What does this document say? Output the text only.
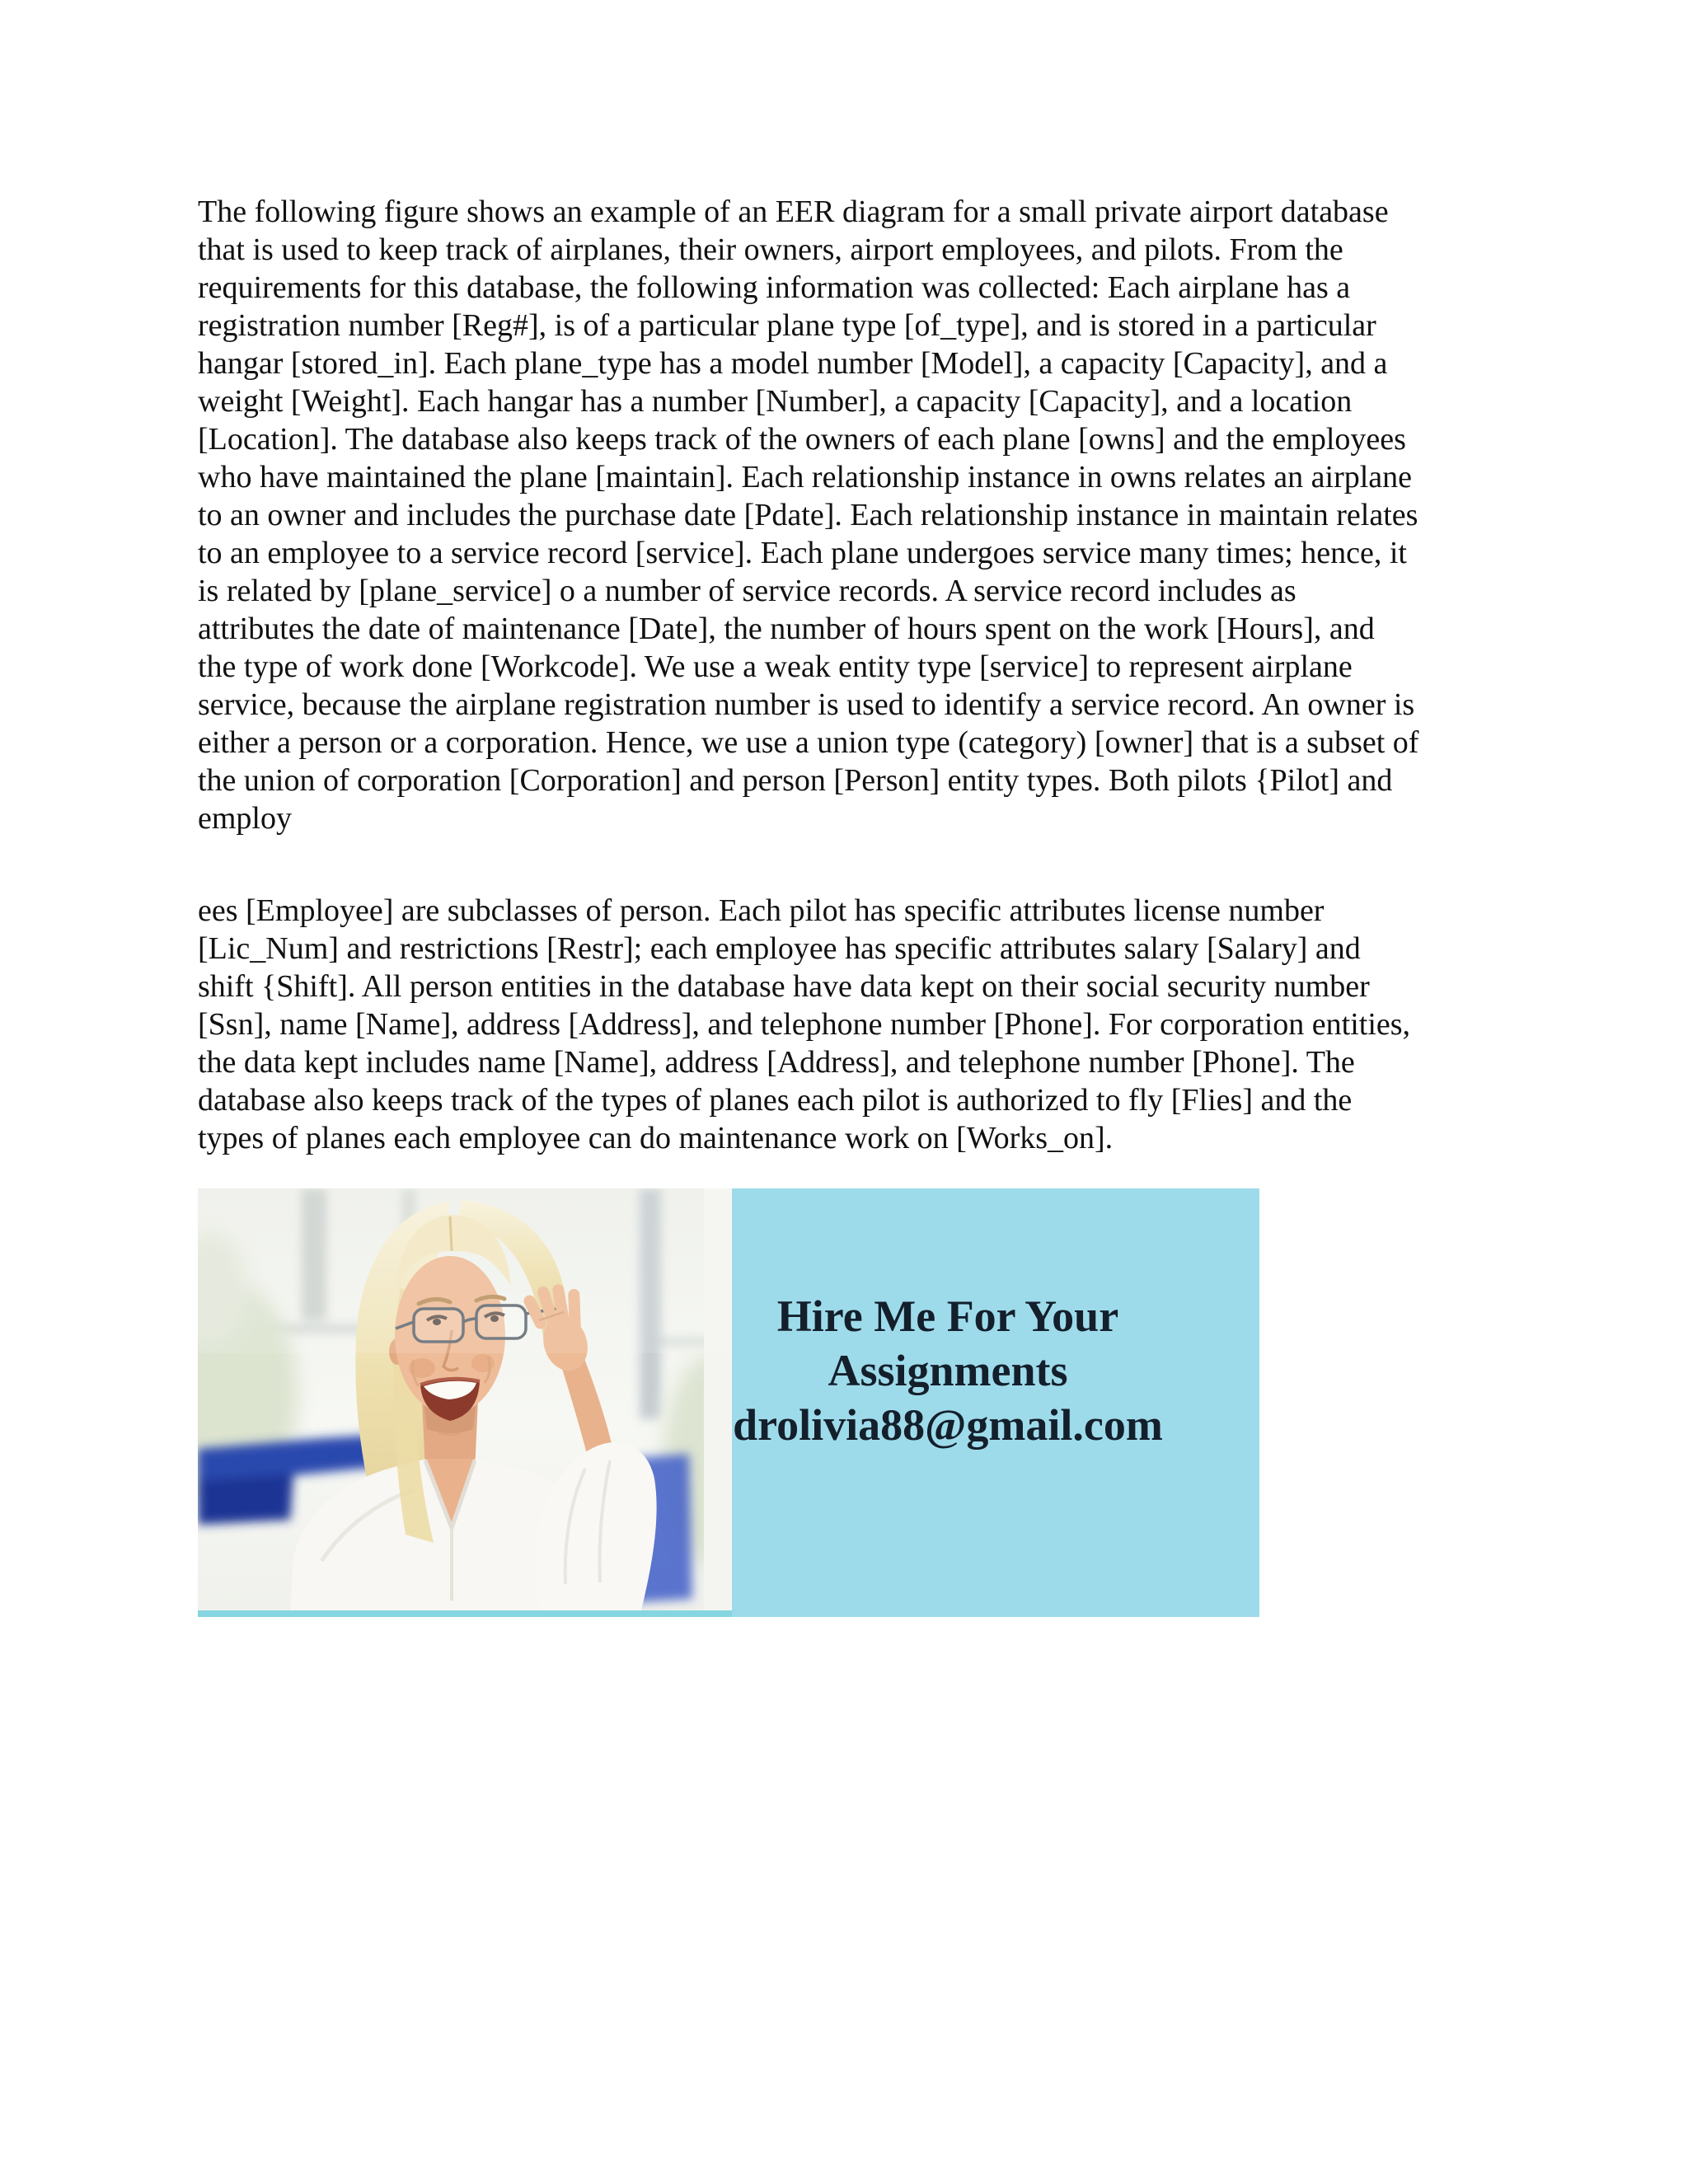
The following figure shows an example of an EER diagram for a small private airport database
that is used to keep track of airplanes, their owners, airport employees, and pilots. From the
requirements for this database, the following information was collected: Each airplane has a
registration number [Reg#], is of a particular plane type [of_type], and is stored in a particular
hangar [stored_in]. Each plane_type has a model number [Model], a capacity [Capacity], and a
weight [Weight]. Each hangar has a number [Number], a capacity [Capacity], and a location
[Location]. The database also keeps track of the owners of each plane [owns] and the employees
who have maintained the plane [maintain]. Each relationship instance in owns relates an airplane
to an owner and includes the purchase date [Pdate]. Each relationship instance in maintain relates
to an employee to a service record [service]. Each plane undergoes service many times; hence, it
is related by [plane_service] o a number of service records. A service record includes as
attributes the date of maintenance [Date], the number of hours spent on the work [Hours], and
the type of work done [Workcode]. We use a weak entity type [service] to represent airplane
service, because the airplane registration number is used to identify a service record. An owner is
either a person or a corporation. Hence, we use a union type (category) [owner] that is a subset of
the union of corporation [Corporation] and person [Person] entity types. Both pilots {Pilot] and
employ
ees [Employee] are subclasses of person. Each pilot has specific attributes license number
[Lic_Num] and restrictions [Restr]; each employee has specific attributes salary [Salary] and
shift {Shift]. All person entities in the database have data kept on their social security number
[Ssn], name [Name], address [Address], and telephone number [Phone]. For corporation entities,
the data kept includes name [Name], address [Address], and telephone number [Phone]. The
database also keeps track of the types of planes each pilot is authorized to fly [Flies] and the
types of planes each employee can do maintenance work on [Works_on].
Hire Me For Your
Assignments
drolivia88@gmail.com
